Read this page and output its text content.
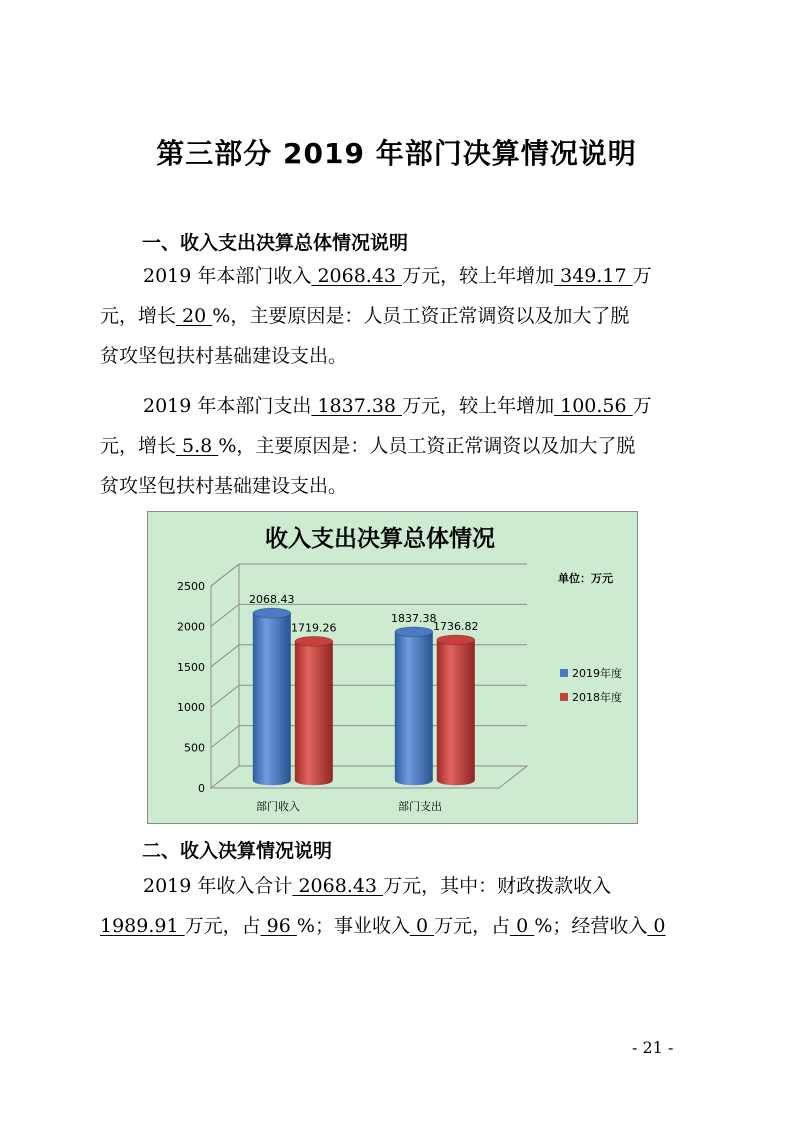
第三部分 2019 年部门决算情况说明
一、收入支出决算总体情况说明
2019 年本部门收入 2068.43 万元，较上年增加 349.17 万
元，增长 20 %，主要原因是：人员工资正常调资以及加大了脱
贫攻坚包扶村基础建设支出。
2019 年本部门支出 1837.38 万元，较上年增加 100.56 万
元，增长 5.8 %，主要原因是：人员工资正常调资以及加大了脱
贫攻坚包扶村基础建设支出。
收入支出决算总体情况
单位：万元
0
500
1000
1500
2000
2500
2068.43
1719.26
1837.38
1736.82
部门收入	部门支出
2019年度
2018年度
二、收入决算情况说明
2019 年收入合计 2068.43 万元，其中：财政拨款收入
1989.91 万元，占 96 %；事业收入 0 万元，占 0 %；经营收入 0
- 21 -
